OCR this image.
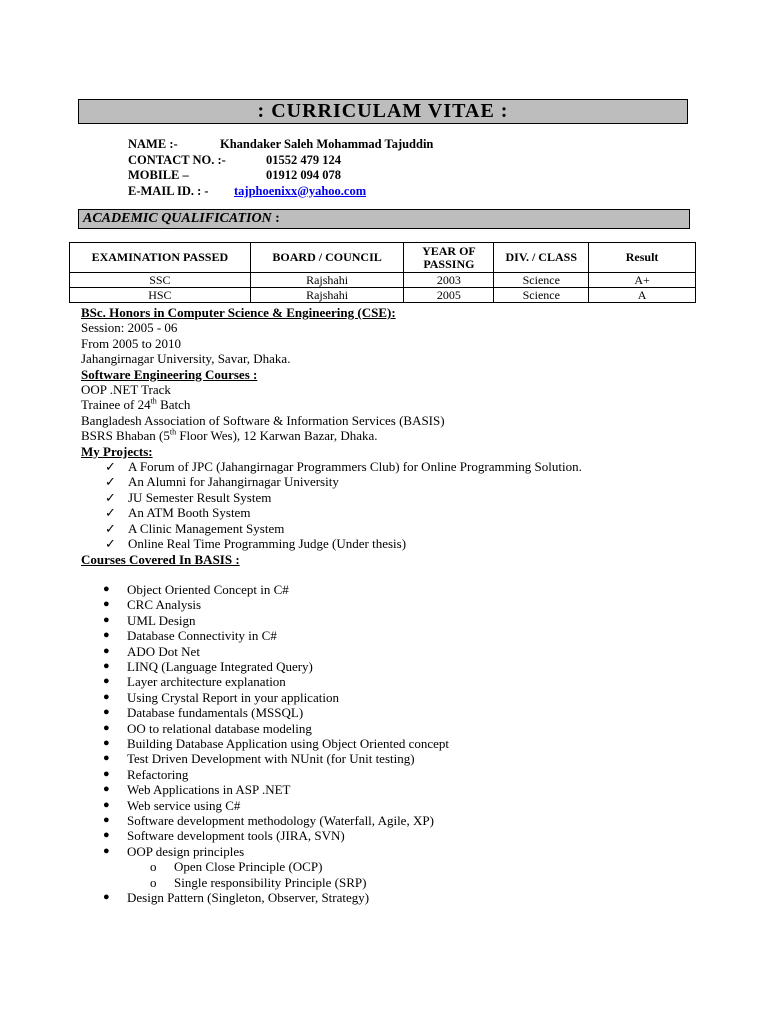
: CURRICULAM VITAE :
NAME :-	Khandaker Saleh Mohammad Tajuddin
CONTACT NO. :-	01552 479 124
MOBILE –	01912 094 078
E-MAIL ID. : -	tajphoenixx@yahoo.com
ACADEMIC QUALIFICATION :
EXAMINATION PASSED	BOARD / COUNCIL	YEAR OF PASSING	DIV. / CLASS	Result
SSC	Rajshahi	2003	Science	A+
HSC	Rajshahi	2005	Science	A
BSc. Honors in Computer Science & Engineering (CSE):
Session: 2005 - 06
From 2005 to 2010
Jahangirnagar University, Savar, Dhaka.
Software Engineering Courses :
OOP .NET Track
Trainee of 24th Batch
Bangladesh Association of Software & Information Services (BASIS)
BSRS Bhaban (5th Floor Wes), 12 Karwan Bazar, Dhaka.
My Projects:
✓ A Forum of JPC (Jahangirnagar Programmers Club) for Online Programming Solution.
✓ An Alumni for Jahangirnagar University
✓ JU Semester Result System
✓ An ATM Booth System
✓ A Clinic Management System
✓ Online Real Time Programming Judge (Under thesis)
Courses Covered In BASIS :
● Object Oriented Concept in C#
● CRC Analysis
● UML Design
● Database Connectivity in C#
● ADO Dot Net
● LINQ (Language Integrated Query)
● Layer architecture explanation
● Using Crystal Report in your application
● Database fundamentals (MSSQL)
● OO to relational database modeling
● Building Database Application using Object Oriented concept
● Test Driven Development with NUnit (for Unit testing)
● Refactoring
● Web Applications in ASP .NET
● Web service using C#
● Software development methodology (Waterfall, Agile, XP)
● Software development tools (JIRA, SVN)
● OOP design principles
o Open Close Principle (OCP)
o Single responsibility Principle (SRP)
● Design Pattern (Singleton, Observer, Strategy)
